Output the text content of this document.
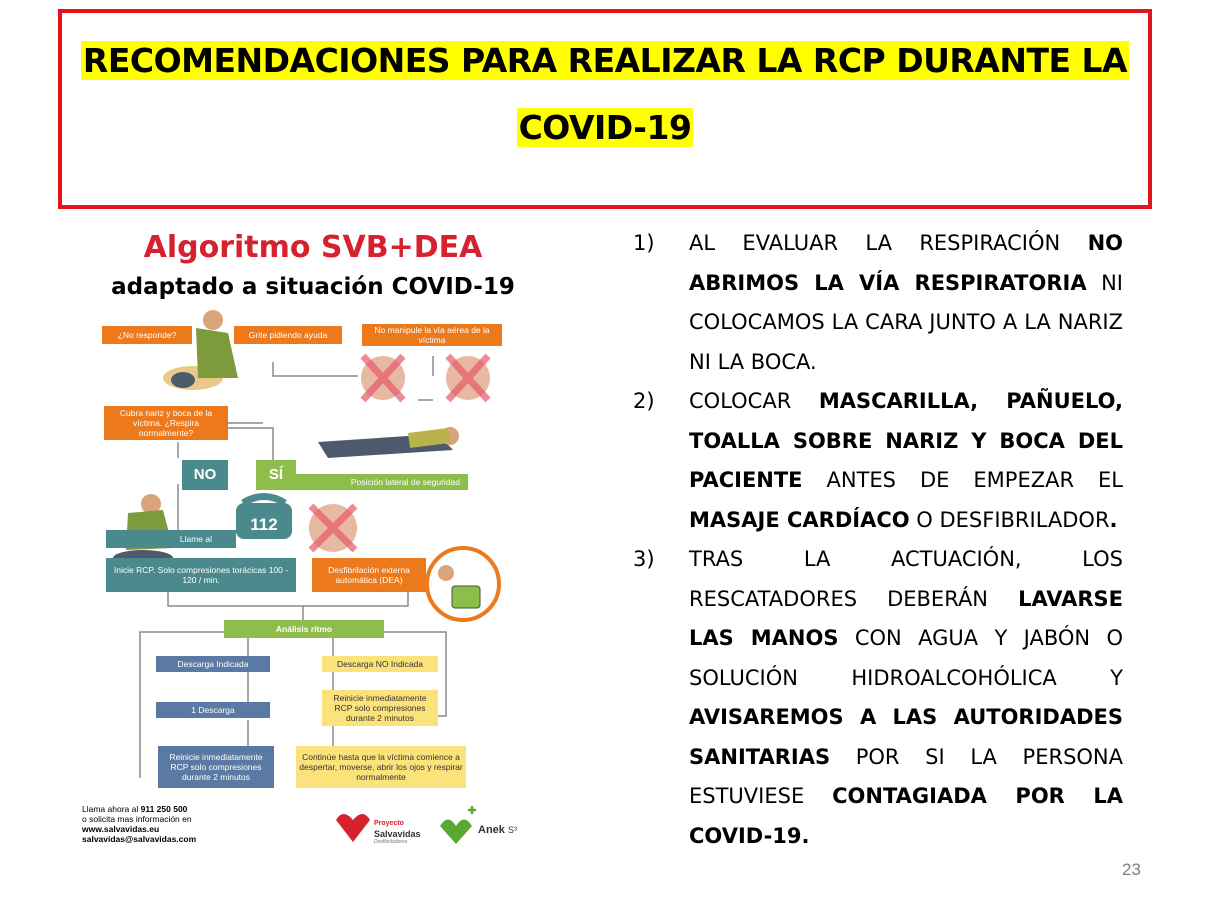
RECOMENDACIONES PARA REALIZAR LA RCP DURANTE LA
COVID-19
Algoritmo SVB+DEA
adaptado a situación COVID-19
¿No responde?	Grite pidiendo ayuda	No manipule la vía aérea de la víctima
Cubra nariz y boca de la víctima. ¿Respira normalmente?
NO	SÍ	Posición lateral de seguridad
Llame al
112
Inicie RCP. Solo compresiones torácicas 100 - 120 / min.
Desfibrilación externa automática (DEA)
Análisis ritmo
Descarga Indicada	Descarga NO Indicada
Reinicie inmediatamente RCP solo compresiones durante 2 minutos
1 Descarga
Reinicie inmediatamente RCP solo compresiones durante 2 minutos
Continúe hasta que la víctima comience a despertar, moverse, abrir los ojos y respirar normalmente
Llama ahora al 911 250 500
o solicita mas información en
www.salvavidas.eu
salvavidas@salvavidas.com
Proyecto
Salvavidas
Desfibriladores
Anek S³
1) AL EVALUAR LA RESPIRACIÓN NO ABRIMOS LA VÍA RESPIRATORIA NI COLOCAMOS LA CARA JUNTO A LA NARIZ NI LA BOCA.
2) COLOCAR MASCARILLA, PAÑUELO, TOALLA SOBRE NARIZ Y BOCA DEL PACIENTE ANTES DE EMPEZAR EL MASAJE CARDÍACO O DESFIBRILADOR.
3) TRAS LA ACTUACIÓN, LOS RESCATADORES DEBERÁN LAVARSE LAS MANOS CON AGUA Y JABÓN O SOLUCIÓN HIDROALCOHÓLICA Y AVISAREMOS A LAS AUTORIDADES SANITARIAS POR SI LA PERSONA ESTUVIESE CONTAGIADA POR LA COVID-19.
23
